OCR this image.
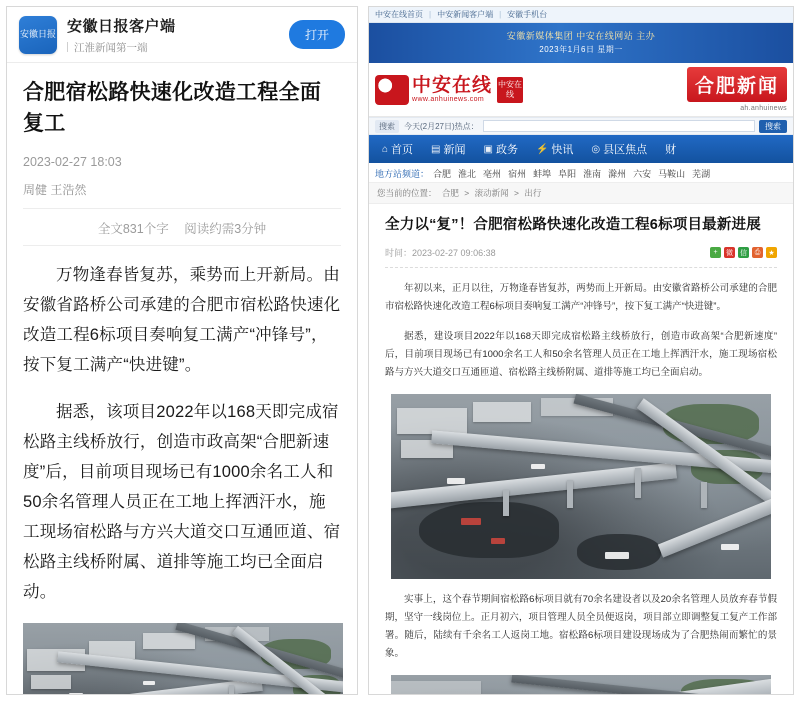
安徽日报 安徽日报客户端
江淮新闻第一端
打开
合肥宿松路快速化改造工程全面复工
2023-02-27 18:03
周健 王浩然
全文831个字 阅读约需3分钟

万物逢春皆复苏，乘势而上开新局。由安徽省路桥公司承建的合肥市宿松路快速化改造工程6标项目奏响复工满产“冲锋号”，按下复工满产“快进键”。

据悉，该项目2022年以168天即完成宿松路主线桥放行，创造市政高架“合肥新速度”后，目前项目现场已有1000余名工人和50余名管理人员正在工地上挥洒汗水，施工现场宿松路与方兴大道交口互通匝道、宿松路主线桥附属、道排等施工均已全面启动。

中安在线首页 | 中安新闻客户端 | 安徽手机台
安徽新媒体集团 中安在线网站 主办
2023年1月6日 星期一
中安在线
www.anhuinews.com
中安在线	合肥新闻
ah.anhuinews
搜索	今天(2月27日)热点：	搜索
⌂ 首页 ▤ 新闻 ▣ 政务 ⚡ 快讯 ◎ 县区焦点 财
地方站频道： 合肥 淮北 亳州 宿州 蚌埠 阜阳 淮南 滁州 六安 马鞍山 芜湖
您当前的位置： 合肥 > 滚动新闻 > 出行
全力以“复”！合肥宿松路快速化改造工程6标项目最新进展
时间： 2023-02-27 09:06:38	+	微 信	⎙	★

年初以来，正月以往，万物逢春皆复苏，两势而上开新局。由安徽省路桥公司承建的合肥市宿松路快速化改造工程6标项目奏响复工满产“冲锋号”，按下复工满产“快进键”。

据悉，建设项目2022年以168天即完成宿松路主线桥放行，创造市政高架“合肥新速度”后，目前项目现场已有1000余名工人和50余名管理人员正在工地上挥洒汗水，施工现场宿松路与方兴大道交口互通匝道、宿松路主线桥附属、道排等施工均已全面启动。

实事上，这个春节期间宿松路6标项目就有70余名建设者以及20余名管理人员放弃春节假期，坚守一线岗位上。正月初六，项目管理人员全员便返岗，项目部立即调整复工复产工作部署。随后，陆续有千余名工人返岗工地。宿松路6标项目建设现场成为了合肥热闹而繁忙的景象。
